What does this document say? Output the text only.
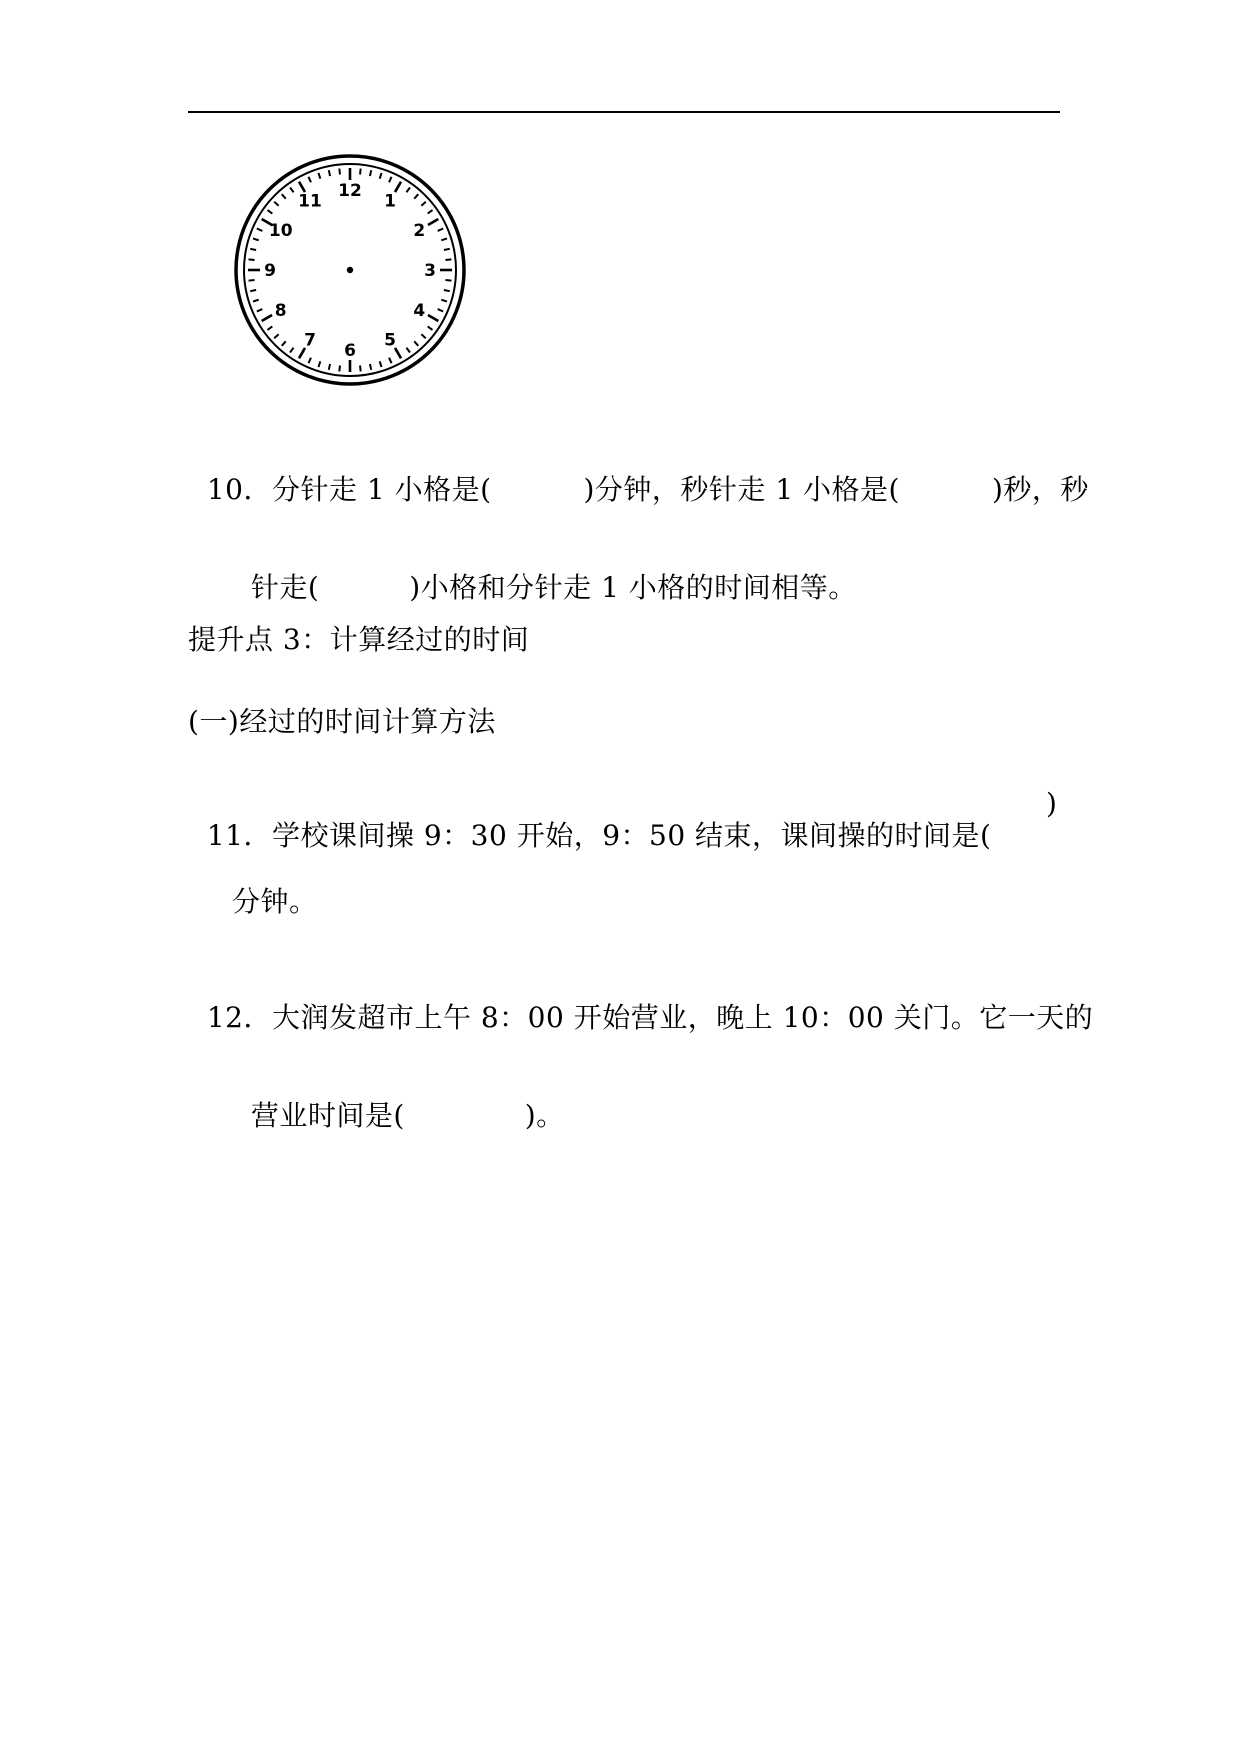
12
1
2
3
4
5
6
7
8
9
10
11

10．分针走 1 小格是(	)分钟，秒针走 1 小格是(	)秒，秒

针走(	)小格和分针走 1 小格的时间相等。

提升点 3：计算经过的时间
(一)经过的时间计算方法

11．学校课间操 9：30 开始，9：50 结束，课间操的时间是(

)
分钟。

12．大润发超市上午 8：00 开始营业，晚上 10：00 关门。它一天的

营业时间是(	)。
